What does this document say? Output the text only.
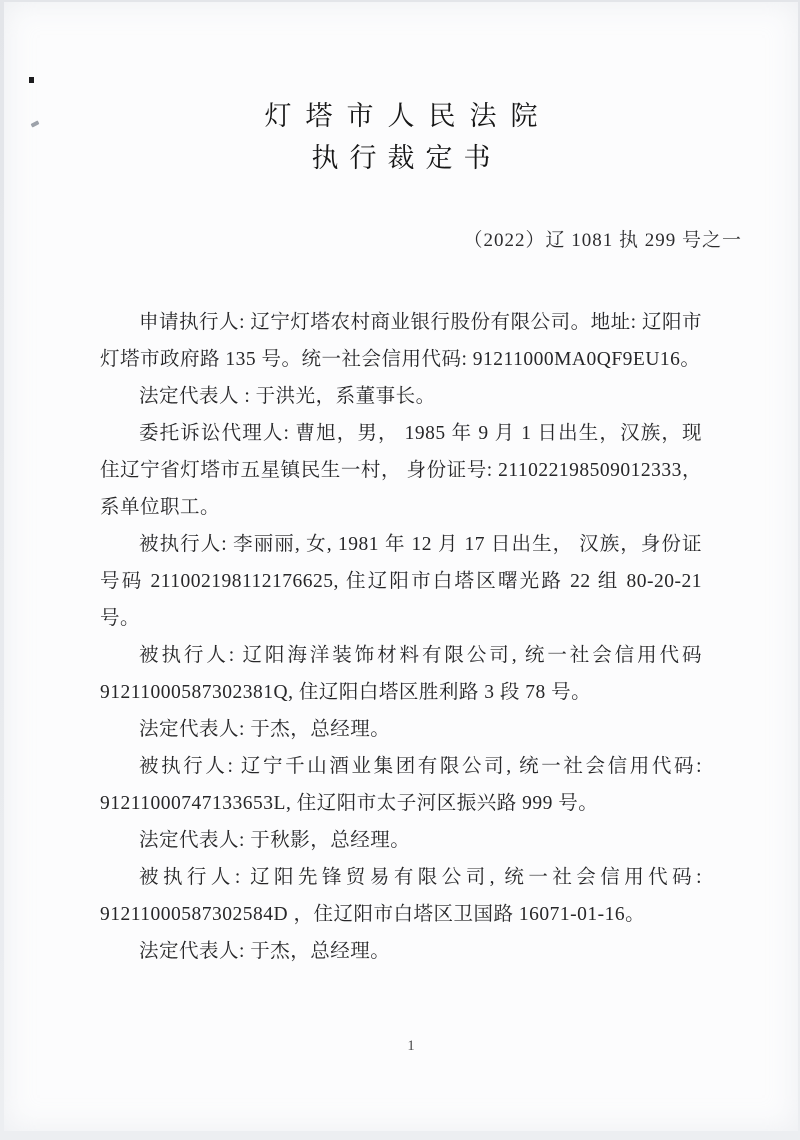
灯塔市人民法院
执行裁定书
（2022）辽 1081 执 299 号之一

申请执行人: 辽宁灯塔农村商业银行股份有限公司。地址: 辽阳市灯塔市政府路 135 号。统一社会信用代码: 91211000MA0QF9EU16。

法定代表人 : 于洪光，系董事长。

委托诉讼代理人: 曹旭，男， 1985 年 9 月 1 日出生，汉族，现住辽宁省灯塔市五星镇民生一村， 身份证号: 211022198509012333，系单位职工。

被执行人: 李丽丽, 女, 1981 年 12 月 17 日出生， 汉族，身份证号码 211002198112176625, 住辽阳市白塔区曙光路 22 组 80-20-21 号。

被执行人: 辽阳海洋装饰材料有限公司, 统一社会信用代码 91211000587302381Q, 住辽阳白塔区胜利路 3 段 78 号。

法定代表人: 于杰，总经理。

被执行人: 辽宁千山酒业集团有限公司, 统一社会信用代码: 91211000747133653L, 住辽阳市太子河区振兴路 999 号。

法定代表人: 于秋影，总经理。

被执行人: 辽阳先锋贸易有限公司, 统一社会信用代码: 91211000587302584D ，住辽阳市白塔区卫国路 16071-01-16。

法定代表人: 于杰，总经理。

1
